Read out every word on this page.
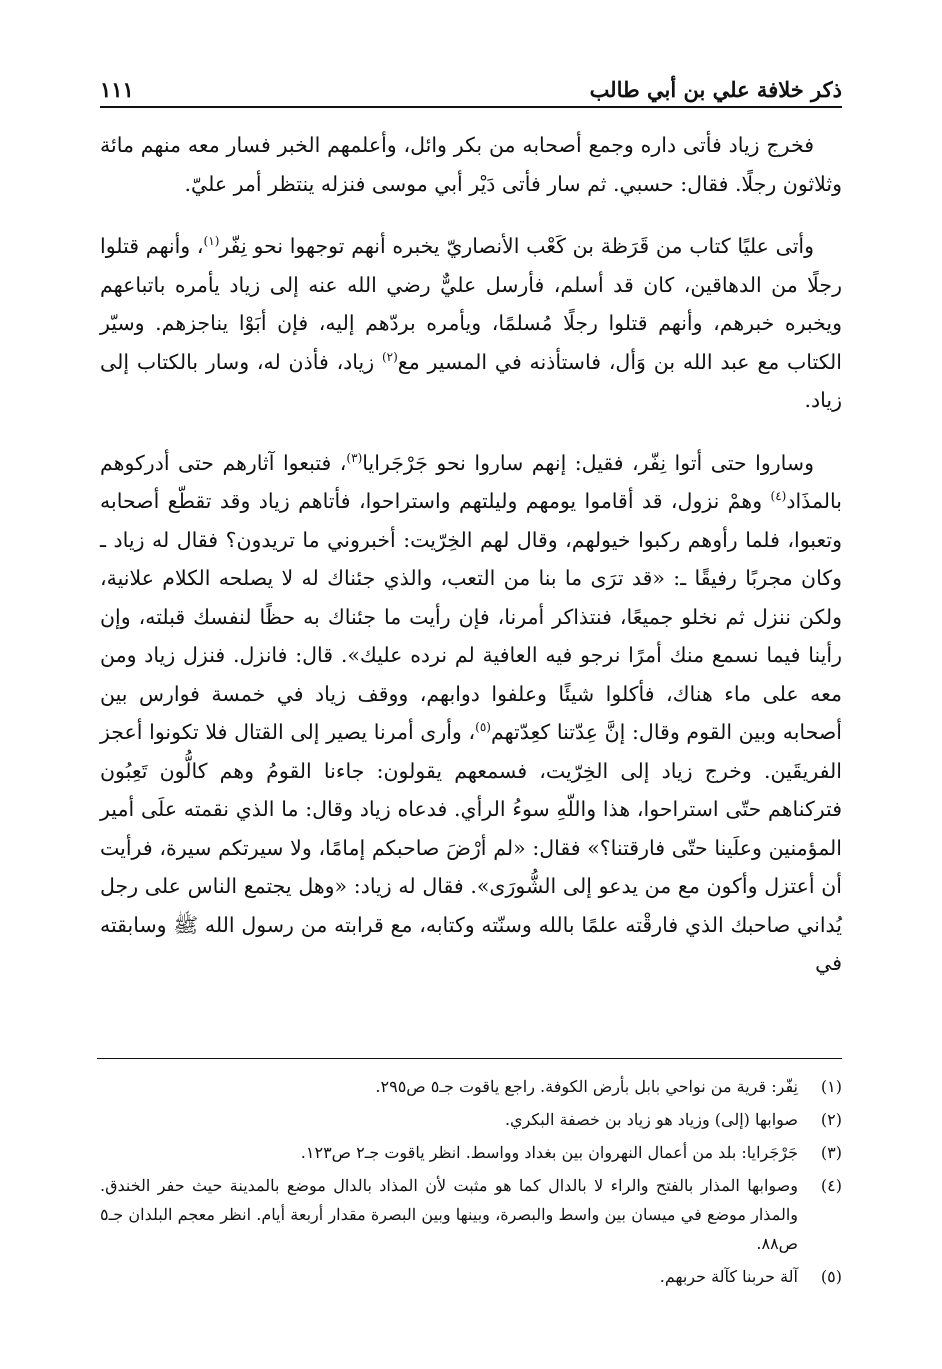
ذكر خلافة علي بن أبي طالب
١١١

فخرج زياد فأتى داره وجمع أصحابه من بكر وائل، وأعلمهم الخبر فسار معه منهم مائة وثلاثون رجلًا. فقال: حسبي. ثم سار فأتى دَيْر أبي موسى فنزله ينتظر أمر عليّ.

وأتى عليًا كتاب من قَرَظة بن كَعْب الأنصاريّ يخبره أنهم توجهوا نحو نِفّر$^{(١)}$، وأنهم قتلوا رجلًا من الدهاقين، كان قد أسلم، فأرسل عليٌّ رضي الله عنه إلى زياد يأمره باتباعهم ويخبره خبرهم، وأنهم قتلوا رجلًا مُسلمًا، ويأمره بردّهم إليه، فإن أبَوْا يناجزهم. وسيّر الكتاب مع عبد الله بن وَأل، فاستأذنه في المسير مع$^{(٢)}$ زياد، فأذن له، وسار بالكتاب إلى زياد.

وساروا حتى أتوا نِفّر، فقيل: إنهم ساروا نحو جَرْجَرايا$^{(٣)}$، فتبعوا آثارهم حتى أدركوهم بالمذَاد$^{(٤)}$ وهمْ نزول، قد أقاموا يومهم وليلتهم واستراحوا، فأتاهم زياد وقد تقطّع أصحابه وتعبوا، فلما رأوهم ركبوا خيولهم، وقال لهم الخِرّيت: أخبروني ما تريدون؟ فقال له زياد ـ وكان مجربًا رفيقًا ـ: «قد ترَى ما بنا من التعب، والذي جئناك له لا يصلحه الكلام علانية، ولكن ننزل ثم نخلو جميعًا، فنتذاكر أمرنا، فإن رأيت ما جئناك به حظًا لنفسك قبلته، وإن رأينا فيما نسمع منك أمرًا نرجو فيه العافية لم نرده عليك». قال: فانزل. فنزل زياد ومن معه على ماء هناك، فأكلوا شيئًا وعلفوا دوابهم، ووقف زياد في خمسة فوارس بين أصحابه وبين القوم وقال: إنَّ عِدّتنا كعِدّتهم$^{(٥)}$، وأرى أمرنا يصير إلى القتال فلا تكونوا أعجز الفريقَين. وخرج زياد إلى الخِرّيت، فسمعهم يقولون: جاءنا القومُ وهم كالُّون تَعِبُون فتركناهم حتّى استراحوا، هذا واللّهِ سوءُ الرأي. فدعاه زياد وقال: ما الذي نقمته علَى أمير المؤمنين وعلَينا حتّى فارقتنا؟» فقال: «لم أرْضَ صاحبكم إمامًا، ولا سيرتكم سيرة، فرأيت أن أعتزل وأكون مع من يدعو إلى الشُّورَى». فقال له زياد: «وهل يجتمع الناس على رجل يُداني صاحبك الذي فارقْته علمًا بالله وسنّته وكتابه، مع قرابته من رسول الله ﷺ وسابقته في

(١)
نِفّر: قرية من نواحي بابل بأرض الكوفة. راجع ياقوت جـ٥ ص٢٩٥.
(٢)
صوابها (إلى) وزياد هو زياد بن خصفة البكري.
(٣)
جَرْجَرايا: بلد من أعمال النهروان بين بغداد وواسط. انظر ياقوت جـ٢ ص١٢٣.
(٤)
وصوابها المذار بالفتح والراء لا بالدال كما هو مثبت لأن المذاد بالدال موضع بالمدينة حيث حفر الخندق. والمذار موضع في ميسان بين واسط والبصرة، وبينها وبين البصرة مقدار أربعة أيام. انظر معجم البلدان جـ٥ ص٨٨.
(٥)
آلة حربنا كآلة حربهم.
